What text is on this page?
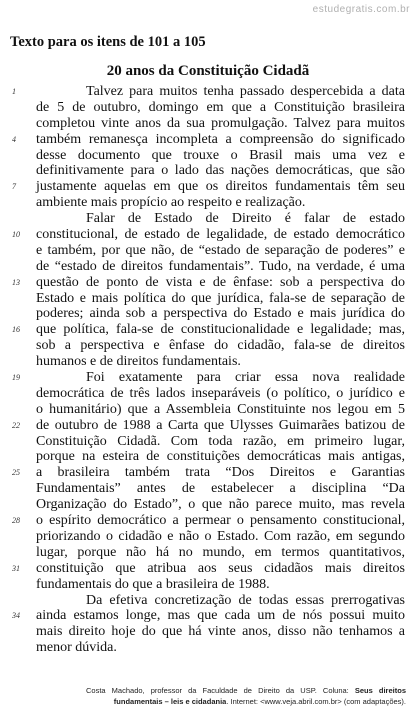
estudegratis.com.br
Texto para os itens de 101 a 105
20 anos da Constituição Cidadã
1	Talvez para muitos tenha passado despercebida a data
de 5 de outubro, domingo em que a Constituição brasileira
completou vinte anos da sua promulgação. Talvez para muitos
4	também remanesça incompleta a compreensão do significado
desse documento que trouxe o Brasil mais uma vez e
definitivamente para o lado das nações democráticas, que são
7	justamente aquelas em que os direitos fundamentais têm seu
ambiente mais propício ao respeito e realização.
Falar de Estado de Direito é falar de estado
10	constitucional, de estado de legalidade, de estado democrático
e também, por que não, de “estado de separação de poderes” e
de “estado de direitos fundamentais”. Tudo, na verdade, é uma
13	questão de ponto de vista e de ênfase: sob a perspectiva do
Estado e mais política do que jurídica, fala-se de separação de
poderes; ainda sob a perspectiva do Estado e mais jurídica do
16	que política, fala-se de constitucionalidade e legalidade; mas,
sob a perspectiva e ênfase do cidadão, fala-se de direitos
humanos e de direitos fundamentais.
19	Foi exatamente para criar essa nova realidade
democrática de três lados inseparáveis (o político, o jurídico e
o humanitário) que a Assembleia Constituinte nos legou em 5
22	de outubro de 1988 a Carta que Ulysses Guimarães batizou de
Constituição Cidadã. Com toda razão, em primeiro lugar,
porque na esteira de constituições democráticas mais antigas,
25	a brasileira também trata “Dos Direitos e Garantias
Fundamentais” antes de estabelecer a disciplina “Da
Organização do Estado”, o que não parece muito, mas revela
28	o espírito democrático a permear o pensamento constitucional,
priorizando o cidadão e não o Estado. Com razão, em segundo
lugar, porque não há no mundo, em termos quantitativos,
31	constituição que atribua aos seus cidadãos mais direitos
fundamentais do que a brasileira de 1988.
Da efetiva concretização de todas essas prerrogativas
34	ainda estamos longe, mas que cada um de nós possui muito
mais direito hoje do que há vinte anos, disso não tenhamos a
menor dúvida.
Costa Machado, professor da Faculdade de Direito da USP. Coluna: Seus direitos
fundamentais – leis e cidadania. Internet: <www.veja.abril.com.br> (com adaptações).
